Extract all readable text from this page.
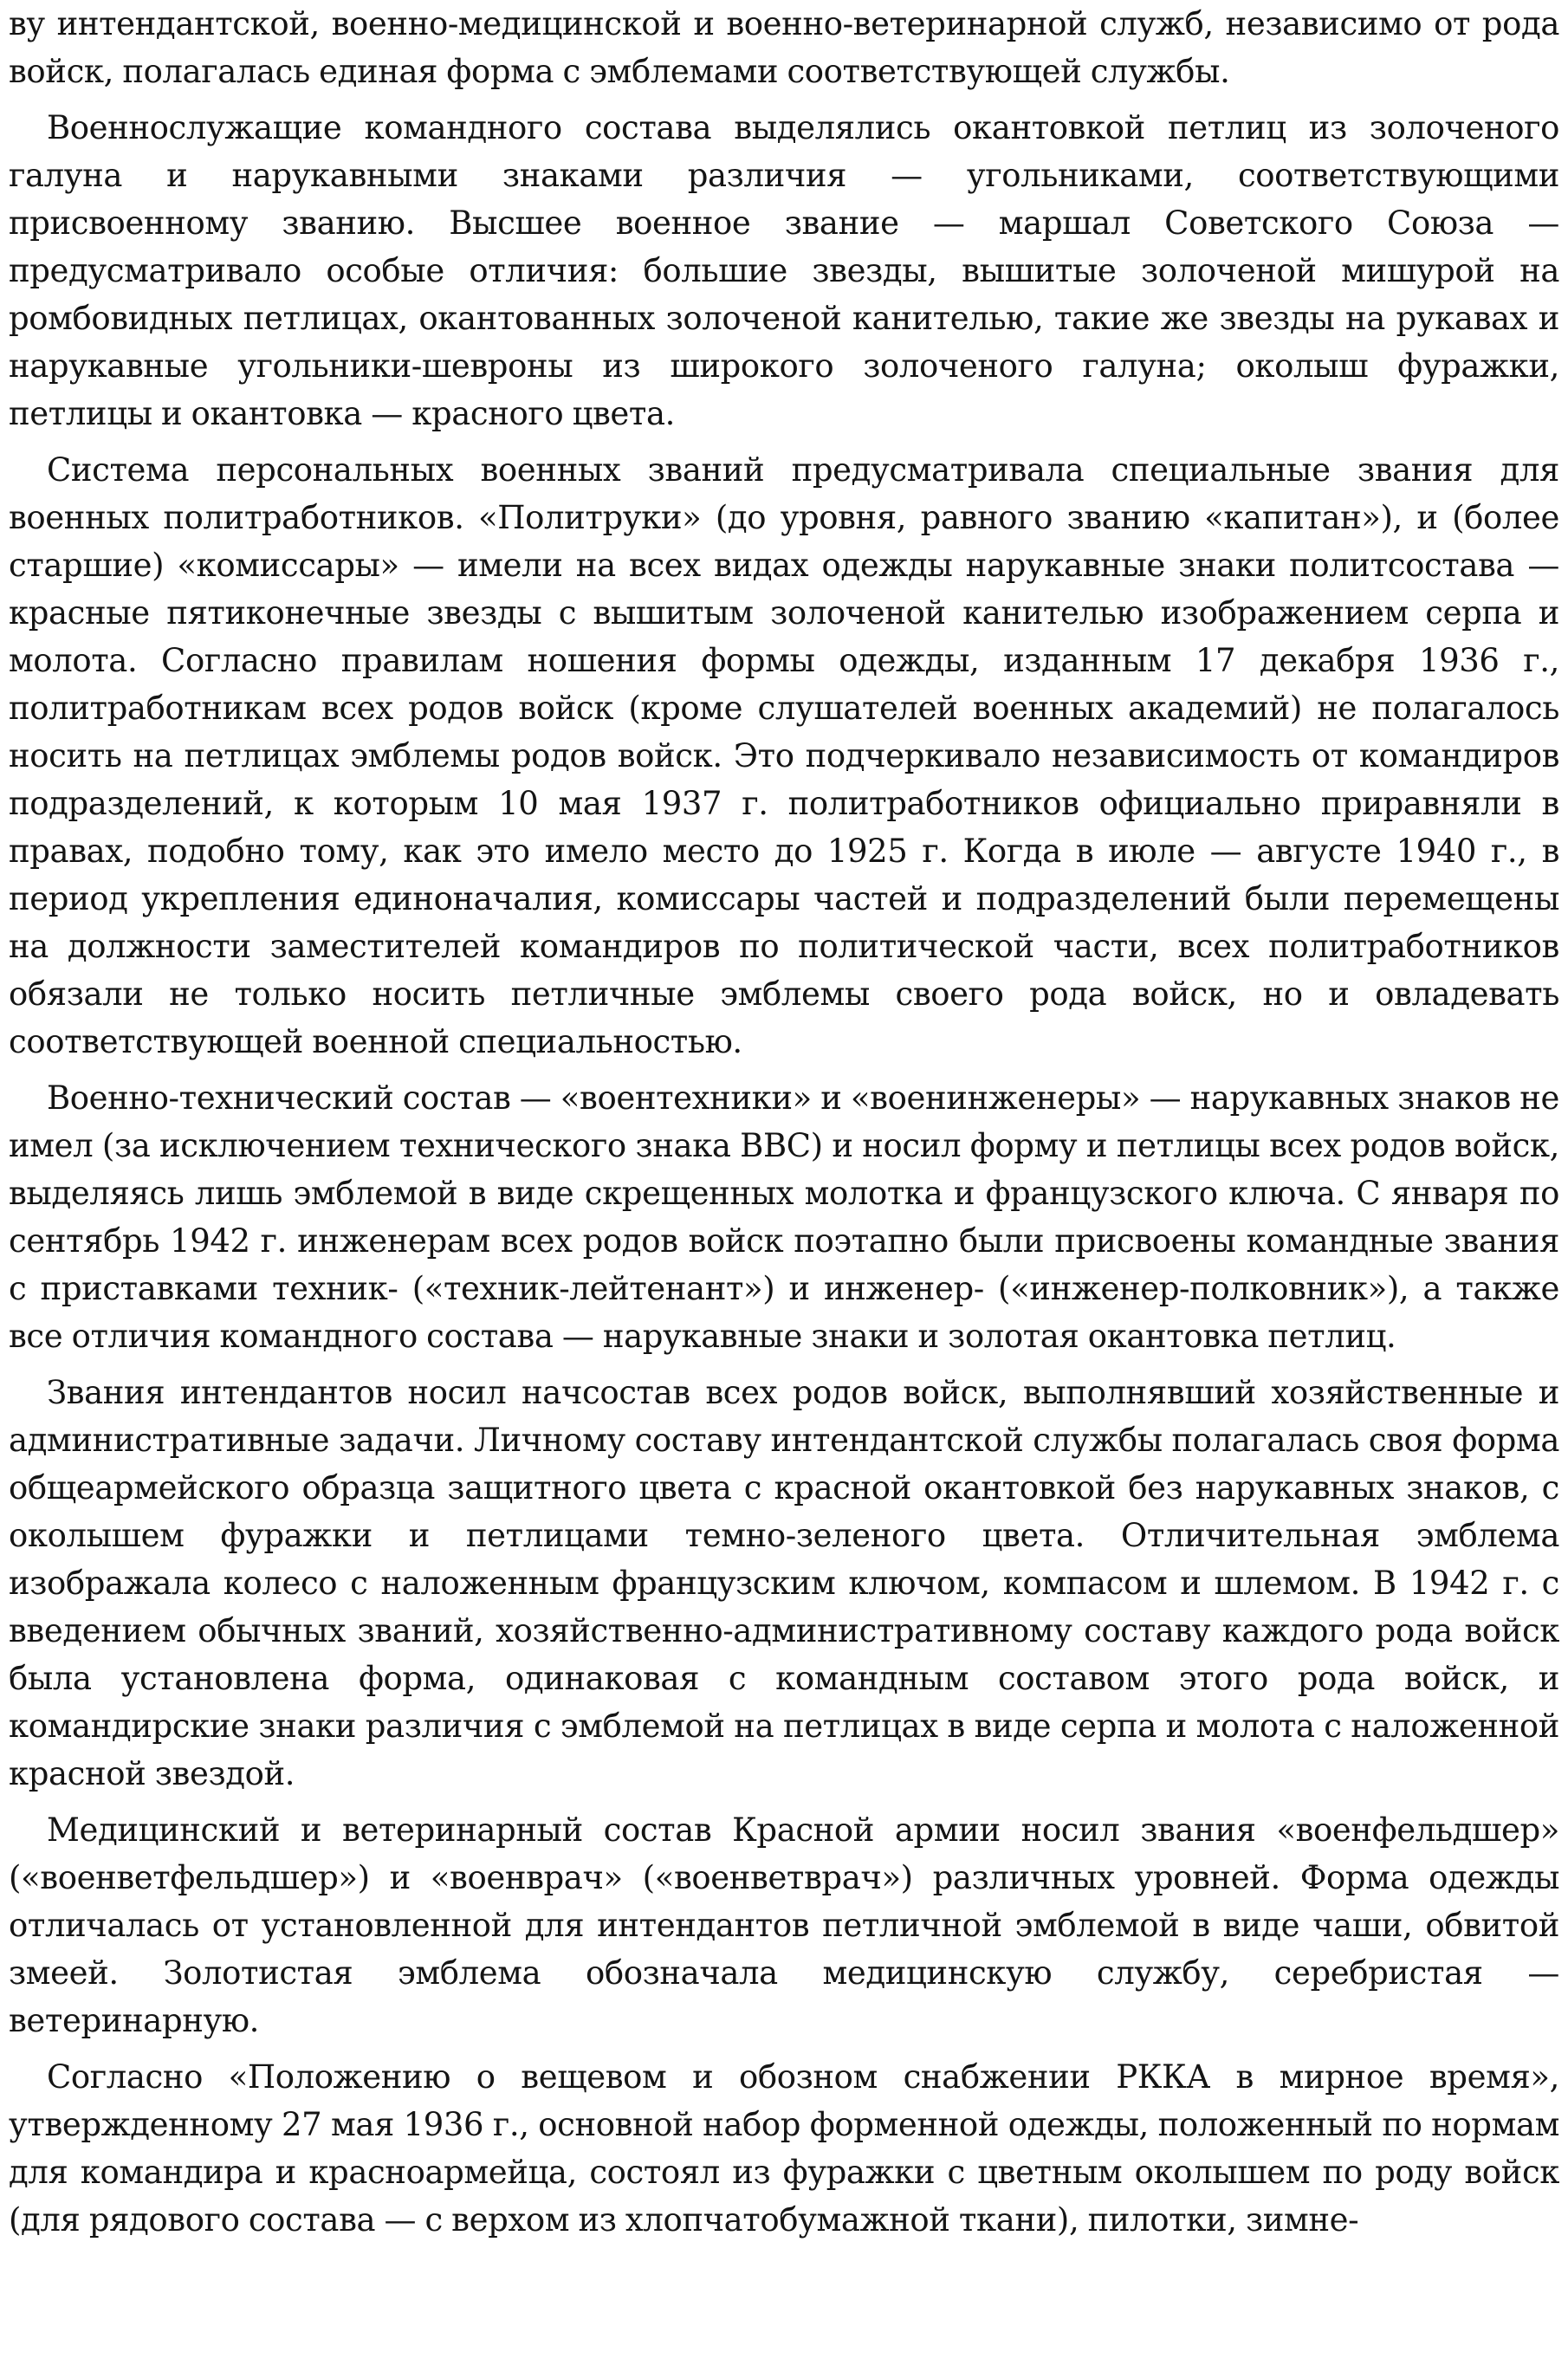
ву интендантской, военно-медицинской и военно-ветеринарной служб, независимо от рода войск, полагалась единая форма с эмблемами соответствующей службы.

Военнослужащие командного состава выделялись окантовкой петлиц из золоченого галуна и нарукавными знаками различия — угольниками, соответствующими присвоенному званию. Высшее военное звание — маршал Советского Союза — предусматривало особые отличия: большие звезды, вышитые золоченой мишурой на ромбовидных петлицах, окантованных золоченой канителью, такие же звезды на рукавах и нарукавные угольники-шевроны из широкого золоченого галуна; околыш фуражки, петлицы и окантовка — красного цвета.

Система персональных военных званий предусматривала специальные звания для военных политработников. «Политруки» (до уровня, равного званию «капитан»), и (более старшие) «комиссары» — имели на всех видах одежды нарукавные знаки политсостава — красные пятиконечные звезды с вышитым золоченой канителью изображением серпа и молота. Согласно правилам ношения формы одежды, изданным 17 декабря 1936 г., политработникам всех родов войск (кроме слушателей военных академий) не полагалось носить на петлицах эмблемы родов войск. Это подчеркивало независимость от командиров подразделений, к которым 10 мая 1937 г. политработников официально приравняли в правах, подобно тому, как это имело место до 1925 г. Когда в июле — августе 1940 г., в период укрепления единоначалия, комиссары частей и подразделений были перемещены на должности заместителей командиров по политической части, всех политработников обязали не только носить петличные эмблемы своего рода войск, но и овладевать соответствующей военной специальностью.

Военно-технический состав — «воентехники» и «военинженеры» — нарукавных знаков не имел (за исключением технического знака ВВС) и носил форму и петлицы всех родов войск, выделяясь лишь эмблемой в виде скрещенных молотка и французского ключа. С января по сентябрь 1942 г. инженерам всех родов войск поэтапно были присвоены командные звания с приставками техник- («техник-лейтенант») и инженер- («инженер-полковник»), а также все отличия командного состава — нарукавные знаки и золотая окантовка петлиц.

Звания интендантов носил начсостав всех родов войск, выполнявший хозяйственные и административные задачи. Личному составу интендантской службы полагалась своя форма общеармейского образца защитного цвета с красной окантовкой без нарукавных знаков, с околышем фуражки и петлицами темно-зеленого цвета. Отличительная эмблема изображала колесо с наложенным французским ключом, компасом и шлемом. В 1942 г. с введением обычных званий, хозяйственно-административному составу каждого рода войск была установлена форма, одинаковая с командным составом этого рода войск, и командирские знаки различия с эмблемой на петлицах в виде серпа и молота с наложенной красной звездой.

Медицинский и ветеринарный состав Красной армии носил звания «военфельдшер» («военветфельдшер») и «военврач» («военветврач») различных уровней. Форма одежды отличалась от установленной для интендантов петличной эмблемой в виде чаши, обвитой змеей. Золотистая эмблема обозначала медицинскую службу, серебристая — ветеринарную.

Согласно «Положению о вещевом и обозном снабжении РККА в мирное время», утвержденному 27 мая 1936 г., основной набор форменной одежды, положенный по нормам для командира и красноармейца, состоял из фуражки с цветным околышем по роду войск (для рядового состава — с верхом из хлопчатобумажной ткани), пилотки, зимне-
